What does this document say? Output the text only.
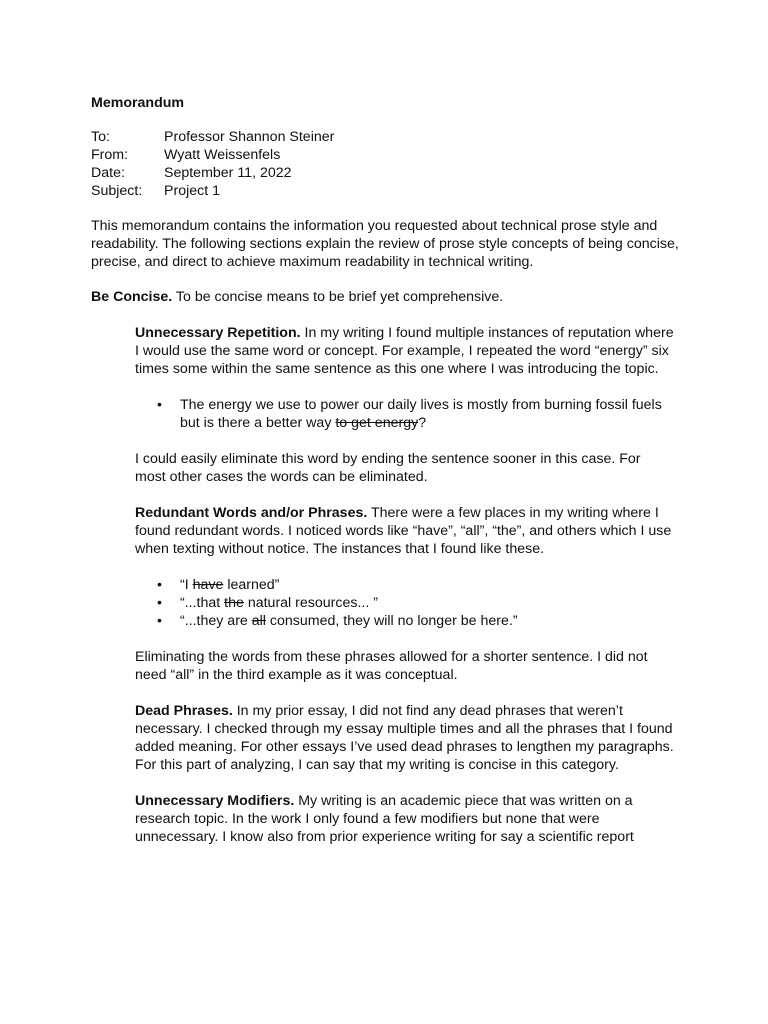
Memorandum
To:	Professor Shannon Steiner
From:	Wyatt Weissenfels
Date:	September 11, 2022
Subject:	Project 1

This memorandum contains the information you requested about technical prose style and readability. The following sections explain the review of prose style concepts of being concise, precise, and direct to achieve maximum readability in technical writing.

Be Concise. To be concise means to be brief yet comprehensive.

Unnecessary Repetition. In my writing I found multiple instances of reputation where I would use the same word or concept. For example, I repeated the word “energy” six times some within the same sentence as this one where I was introducing the topic.

• The energy we use to power our daily lives is mostly from burning fossil fuels but is there a better way to get energy?

I could easily eliminate this word by ending the sentence sooner in this case. For most other cases the words can be eliminated.

Redundant Words and/or Phrases. There were a few places in my writing where I found redundant words. I noticed words like “have”, “all”, “the”, and others which I use when texting without notice. The instances that I found like these.

• “I have learned”
• “...that the natural resources... ”
• “...they are all consumed, they will no longer be here.”

Eliminating the words from these phrases allowed for a shorter sentence. I did not need “all” in the third example as it was conceptual.

Dead Phrases. In my prior essay, I did not find any dead phrases that weren’t necessary. I checked through my essay multiple times and all the phrases that I found added meaning. For other essays I’ve used dead phrases to lengthen my paragraphs. For this part of analyzing, I can say that my writing is concise in this category.

Unnecessary Modifiers. My writing is an academic piece that was written on a research topic. In the work I only found a few modifiers but none that were unnecessary. I know also from prior experience writing for say a scientific report
